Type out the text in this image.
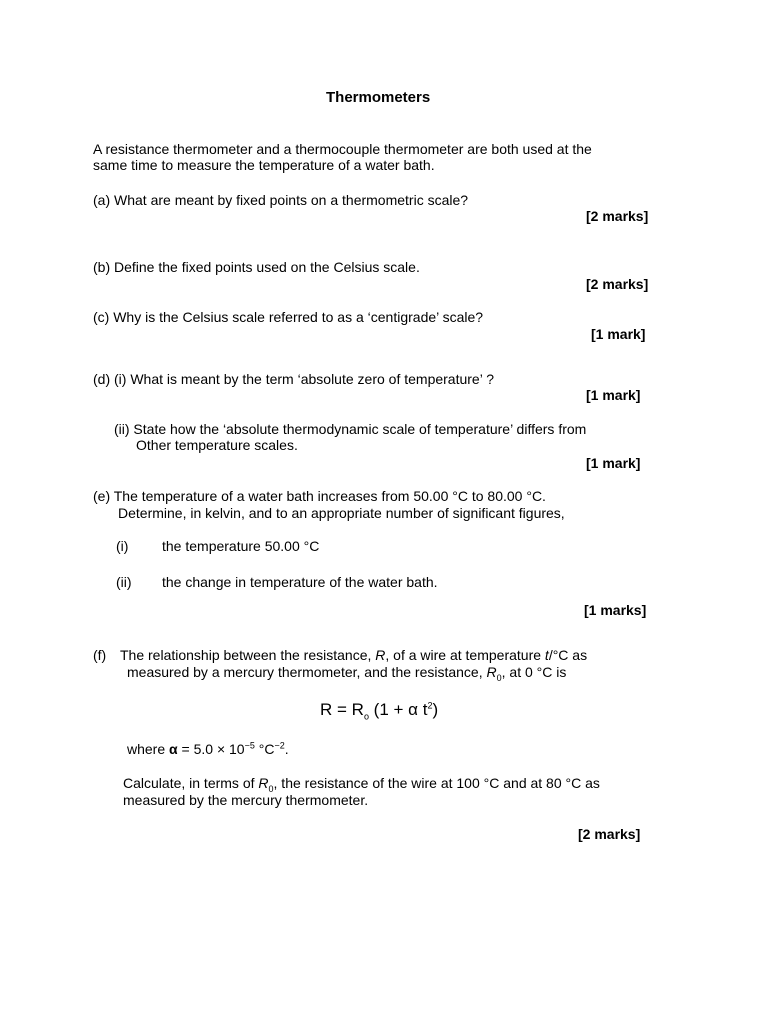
Thermometers
A resistance thermometer and a thermocouple thermometer are both used at the
same time to measure the temperature of a water bath.
(a) What are meant by fixed points on a thermometric scale?
[2 marks]
(b) Define the fixed points used on the Celsius scale.
[2 marks]
(c) Why is the Celsius scale referred to as a ‘centigrade’ scale?
[1 mark]
(d) (i) What is meant by the term ‘absolute zero of temperature’ ?
[1 mark]
(ii) State how the ‘absolute thermodynamic scale of temperature’ differs from
Other temperature scales.
[1 mark]
(e) The temperature of a water bath increases from 50.00 °C to 80.00 °C.
Determine, in kelvin, and to an appropriate number of significant figures,
(i) the temperature 50.00 °C
(ii) the change in temperature of the water bath.
[1 marks]
(f) The relationship between the resistance, R, of a wire at temperature t/°C as
measured by a mercury thermometer, and the resistance, $R_0$, at 0 °C is
$R = R_o$ (1 + α $t^2$)
where $\alpha = 5.0 \times 10^{-5}$ $^\circ C^{-2}$.
Calculate, in terms of $R_0$, the resistance of the wire at 100 °C and at 80 °C as
measured by the mercury thermometer.
[2 marks]
